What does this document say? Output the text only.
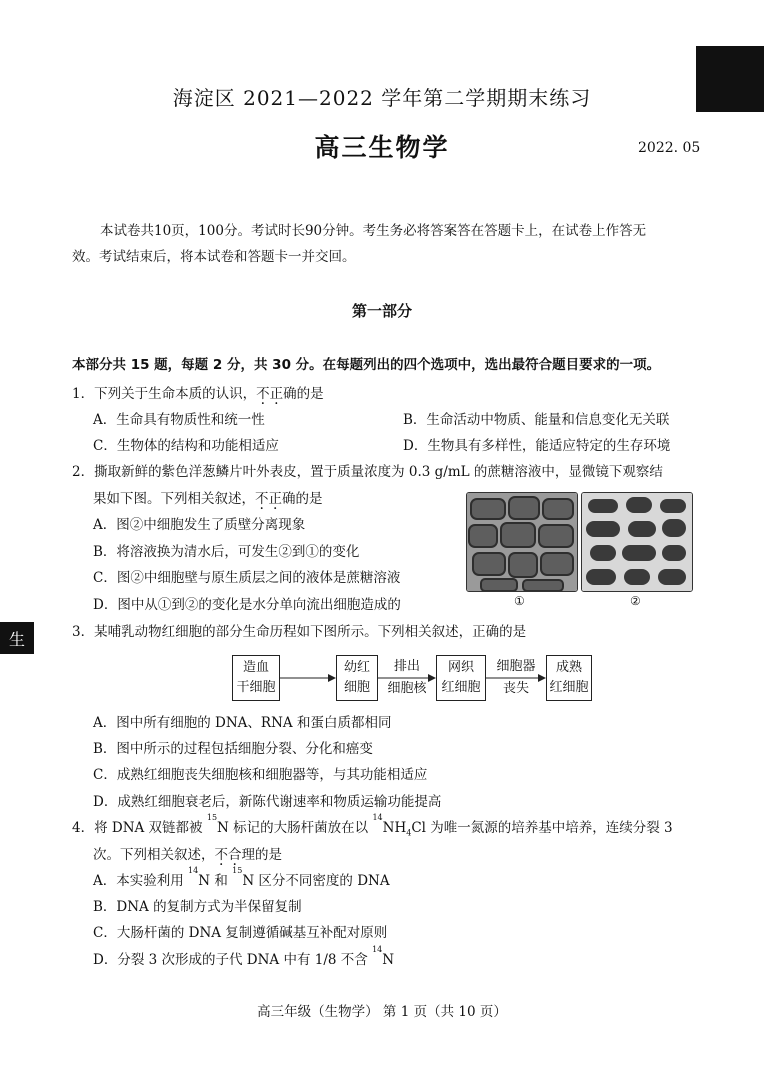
生
海淀区 2021—2022 学年第二学期期末练习
高三生物学	2022. 05
本试卷共10页，100分。考试时长90分钟。考生务必将答案答在答题卡上，在试卷上作答无
效。考试结束后，将本试卷和答题卡一并交回。
第一部分
本部分共 15 题，每题 2 分，共 30 分。在每题列出的四个选项中，选出最符合题目要求的一项。
1．下列关于生命本质的认识，不正确的是
A．生命具有物质性和统一性	B．生命活动中物质、能量和信息变化无关联
C．生物体的结构和功能相适应	D．生物具有多样性，能适应特定的生存环境
2．撕取新鲜的紫色洋葱鳞片叶外表皮，置于质量浓度为 0.3 g/mL 的蔗糖溶液中，显微镜下观察结
果如下图。下列相关叙述，不正确的是
A．图②中细胞发生了质壁分离现象
B．将溶液换为清水后，可发生②到①的变化
C．图②中细胞壁与原生质层之间的液体是蔗糖溶液
D．图中从①到②的变化是水分单向流出细胞造成的	①	②
3．某哺乳动物红细胞的部分生命历程如下图所示。下列相关叙述，正确的是
造血
干细胞
幼红
细胞
网织
红细胞
成熟
红细胞
排出
细胞核
细胞器
丧失
A．图中所有细胞的 DNA、RNA 和蛋白质都相同
B．图中所示的过程包括细胞分裂、分化和癌变
C．成熟红细胞丧失细胞核和细胞器等，与其功能相适应
D．成熟红细胞衰老后，新陈代谢速率和物质运输功能提高
4．将 DNA 双链都被 $^{15}$N 标记的大肠杆菌放在以 $^{14}NH_4Cl$ 为唯一氮源的培养基中培养，连续分裂 3
次。下列相关叙述，不合理的是
A．本实验利用 $^{14}$N 和 $^{15}$N 区分不同密度的 DNA
B．DNA 的复制方式为半保留复制
C．大肠杆菌的 DNA 复制遵循碱基互补配对原则
D．分裂 3 次形成的子代 DNA 中有 1/8 不含 $^{14}$N
高三年级（生物学） 第 1 页（共 10 页）
